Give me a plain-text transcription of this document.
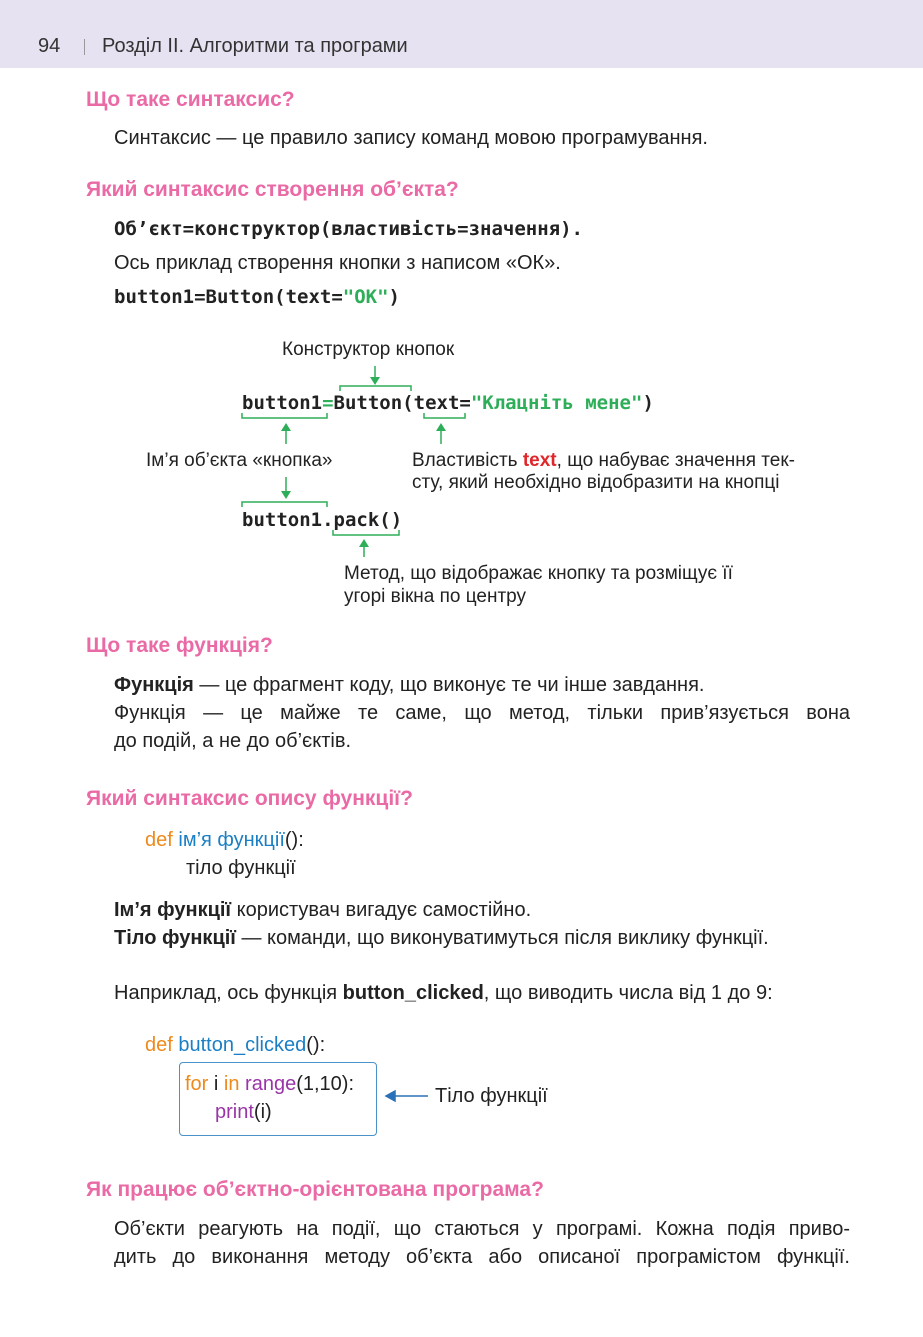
94 Розділ ІІ. Алгоритми та програми
Що таке синтаксис?
Синтаксис — це правило запису команд мовою програмування.
Який синтаксис створення об’єкта?
Об’єкт=конструктор(властивість=значення).
Ось приклад створення кнопки з написом «ОК».
button1=Button(text="OK")
Конструктор кнопок
button1=Button(text="Клацніть мене")
Ім’я об’єкта «кнопка»	Властивість text, що набуває значення тек-
сту, який необхідно відобразити на кнопці
button1.pack()
Метод, що відображає кнопку та розміщує її
угорі вікна по центру
Що таке функція?
Функція — це фрагмент коду, що виконує те чи інше завдання.
Функція — це майже те саме, що метод, тільки прив’язується вона
до подій, а не до об’єктів.
Який синтаксис опису функції?
def ім’я функції():
тіло функції
Ім’я функції користувач вигадує самостійно.
Тіло функції — команди, що виконуватимуться після виклику функції.
Наприклад, ось функція button_clicked, що виводить числа від 1 до 9:
def button_clicked():
for i in range(1,10):
print(i)
Тіло функції
Як працює об’єктно-орієнтована програма?
Об’єкти реагують на події, що стаються у програмі. Кожна подія приво-
дить до виконання методу об’єкта або описаної програмістом функції.
